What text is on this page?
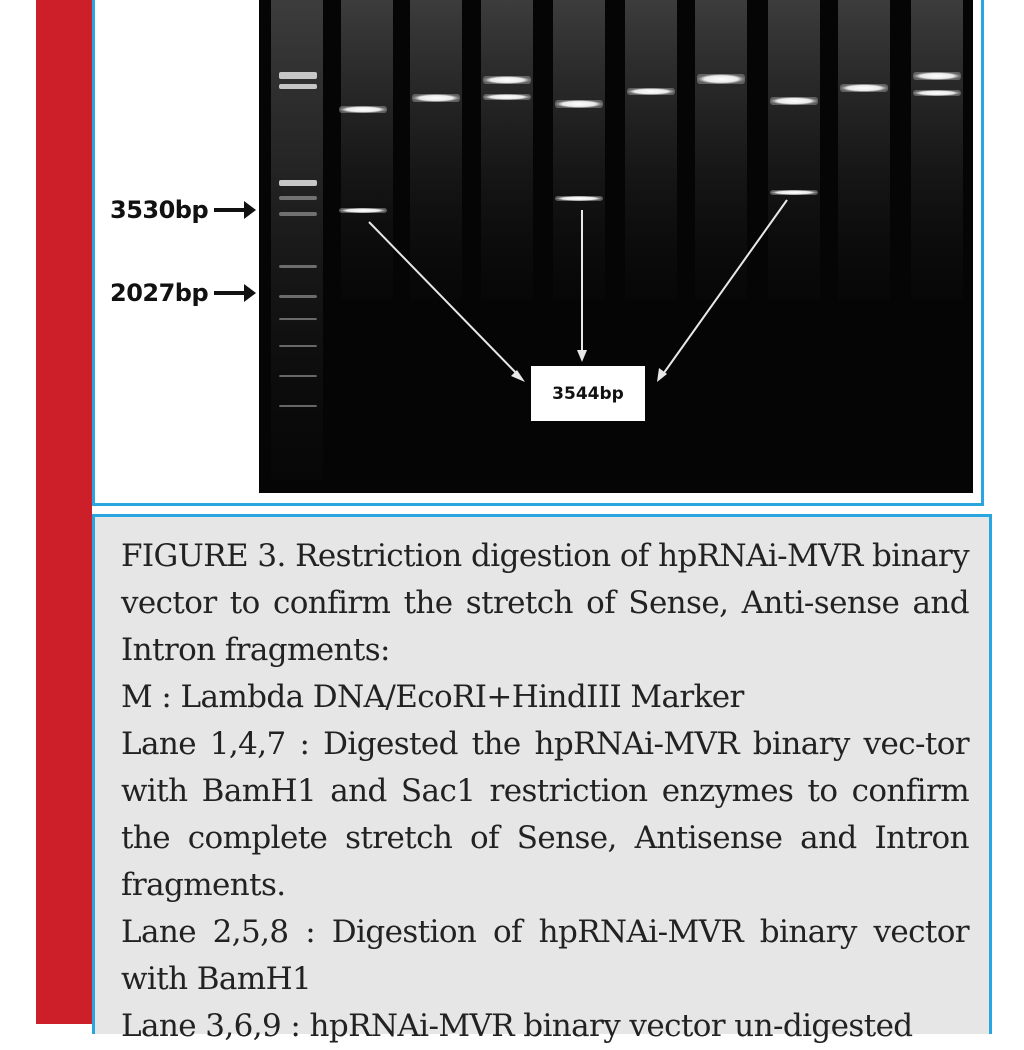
3530bp
2027bp
3544bp

FIGURE 3. Restriction digestion of hpRNAi-MVR binary vector to confirm the stretch of Sense, Anti-sense and Intron fragments:

M : Lambda DNA/EcoRI+HindIII Marker

Lane 1,4,7 : Digested the hpRNAi-MVR binary vec-tor with BamH1 and Sac1 restriction enzymes to confirm the complete stretch of Sense, Antisense and Intron fragments.

Lane 2,5,8 : Digestion of hpRNAi-MVR binary vector with BamH1

Lane 3,6,9 : hpRNAi-MVR binary vector un-digested
